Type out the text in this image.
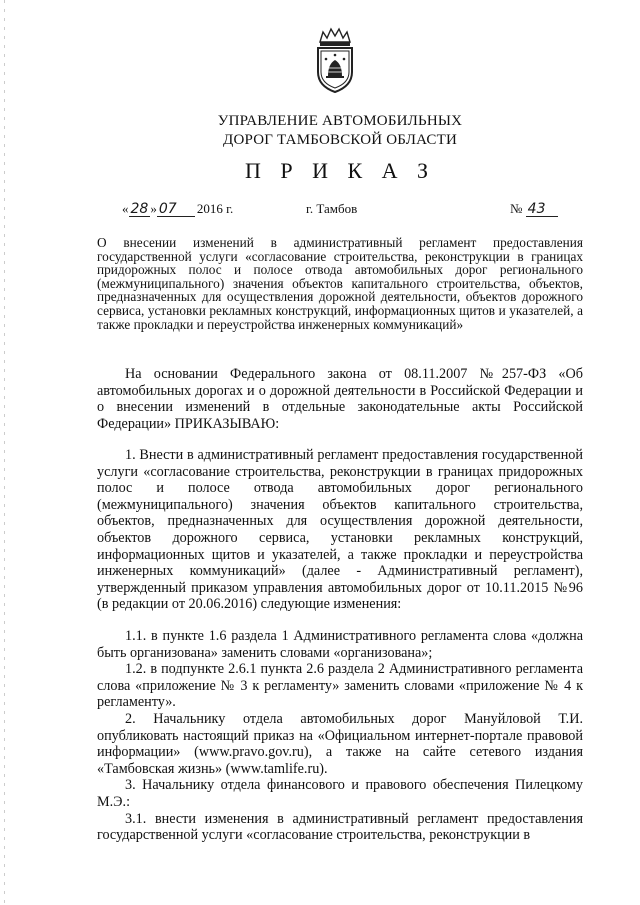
УПРАВЛЕНИЕ АВТОМОБИЛЬНЫХ
ДОРОГ ТАМБОВСКОЙ ОБЛАСТИ
П Р И К А З
« 28 » 07 2016 г.	г. Тамбов	№ 43
О внесении изменений в административный регламент предоставления государственной услуги «согласование строительства, реконструкции в границах придорожных полос и полосе отвода автомобильных дорог регионального (межмуниципального) значения объектов капитального строительства, объектов, предназначенных для осуществления дорожной деятельности, объектов дорожного сервиса, установки рекламных конструкций, информационных щитов и указателей, а также прокладки и переустройства инженерных коммуникаций»

На основании Федерального закона от 08.11.2007 №257-ФЗ «Об автомобильных дорогах и о дорожной деятельности в Российской Федерации и о внесении изменений в отдельные законодательные акты Российской Федерации» ПРИКАЗЫВАЮ:

1. Внести в административный регламент предоставления государственной услуги «согласование строительства, реконструкции в границах придорожных полос и полосе отвода автомобильных дорог регионального (межмуниципального) значения объектов капитального строительства, объектов, предназначенных для осуществления дорожной деятельности, объектов дорожного сервиса, установки рекламных конструкций, информационных щитов и указателей, а также прокладки и переустройства инженерных коммуникаций» (далее - Административный регламент), утвержденный приказом управления автомобильных дорог от 10.11.2015 №96 (в редакции от 20.06.2016) следующие изменения:

1.1. в пункте 1.6 раздела 1 Административного регламента слова «должна быть организована» заменить словами «организована»;

1.2. в подпункте 2.6.1 пункта 2.6 раздела 2 Административного регламента слова «приложение № 3 к регламенту» заменить словами «приложение № 4 к регламенту».

2. Начальнику отдела автомобильных дорог Мануйловой Т.И. опубликовать настоящий приказ на «Официальном интернет-портале правовой информации» (www.pravo.gov.ru), а также на сайте сетевого издания «Тамбовская жизнь» (www.tamlife.ru).

3. Начальнику отдела финансового и правового обеспечения Пилецкому М.Э.:

3.1. внести изменения в административный регламент предоставления государственной услуги «согласование строительства, реконструкции в
